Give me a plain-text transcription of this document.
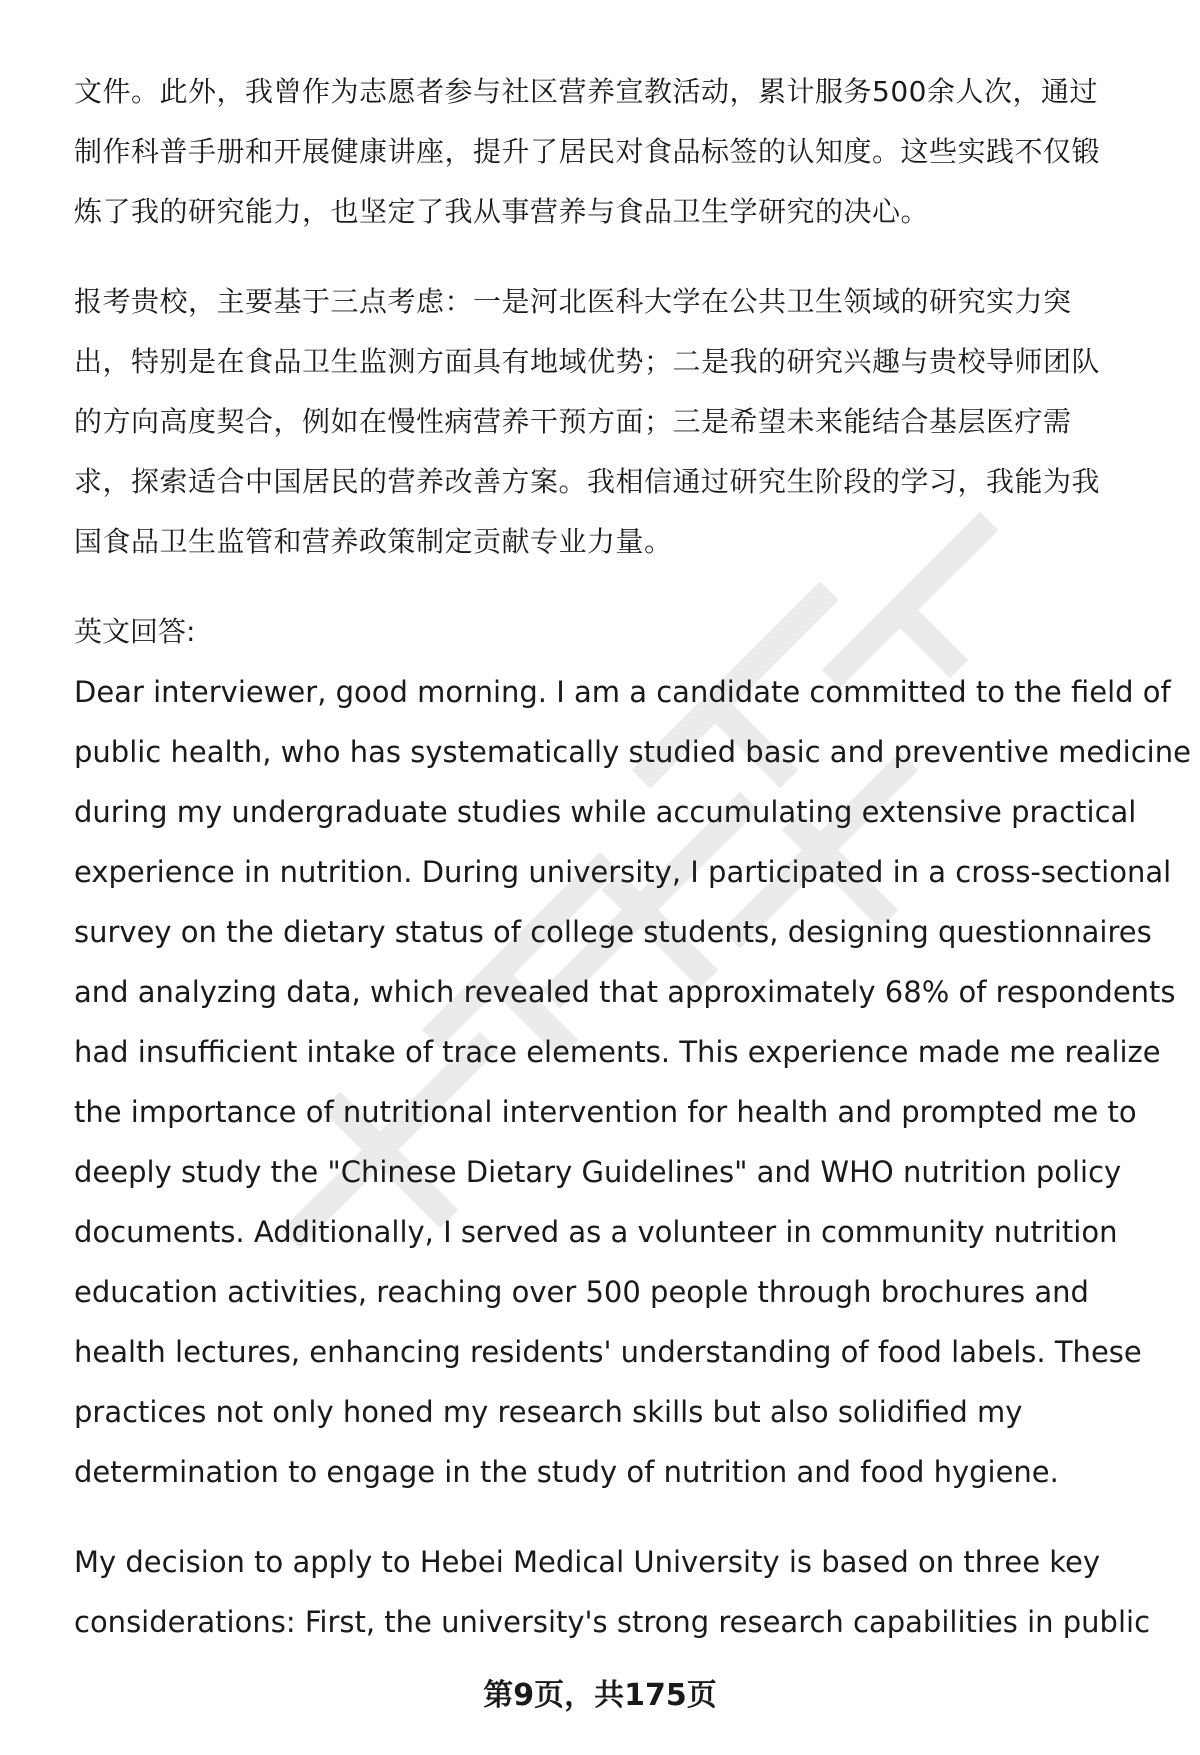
文件。此外，我曾作为志愿者参与社区营养宣教活动，累计服务500余人次，通过
制作科普手册和开展健康讲座，提升了居民对食品标签的认知度。这些实践不仅锻
炼了我的研究能力，也坚定了我从事营养与食品卫生学研究的决心。

报考贵校，主要基于三点考虑：一是河北医科大学在公共卫生领域的研究实力突
出，特别是在食品卫生监测方面具有地域优势；二是我的研究兴趣与贵校导师团队
的方向高度契合，例如在慢性病营养干预方面；三是希望未来能结合基层医疗需
求，探索适合中国居民的营养改善方案。我相信通过研究生阶段的学习，我能为我
国食品卫生监管和营养政策制定贡献专业力量。

英文回答:

Dear interviewer, good morning. I am a candidate committed to the field of
public health, who has systematically studied basic and preventive medicine
during my undergraduate studies while accumulating extensive practical
experience in nutrition. During university, I participated in a cross-sectional
survey on the dietary status of college students, designing questionnaires
and analyzing data, which revealed that approximately 68% of respondents
had insufficient intake of trace elements. This experience made me realize
the importance of nutritional intervention for health and prompted me to
deeply study the "Chinese Dietary Guidelines" and WHO nutrition policy
documents. Additionally, I served as a volunteer in community nutrition
education activities, reaching over 500 people through brochures and
health lectures, enhancing residents' understanding of food labels. These
practices not only honed my research skills but also solidified my
determination to engage in the study of nutrition and food hygiene.

My decision to apply to Hebei Medical University is based on three key
considerations: First, the university's strong research capabilities in public

第9页，共175页
